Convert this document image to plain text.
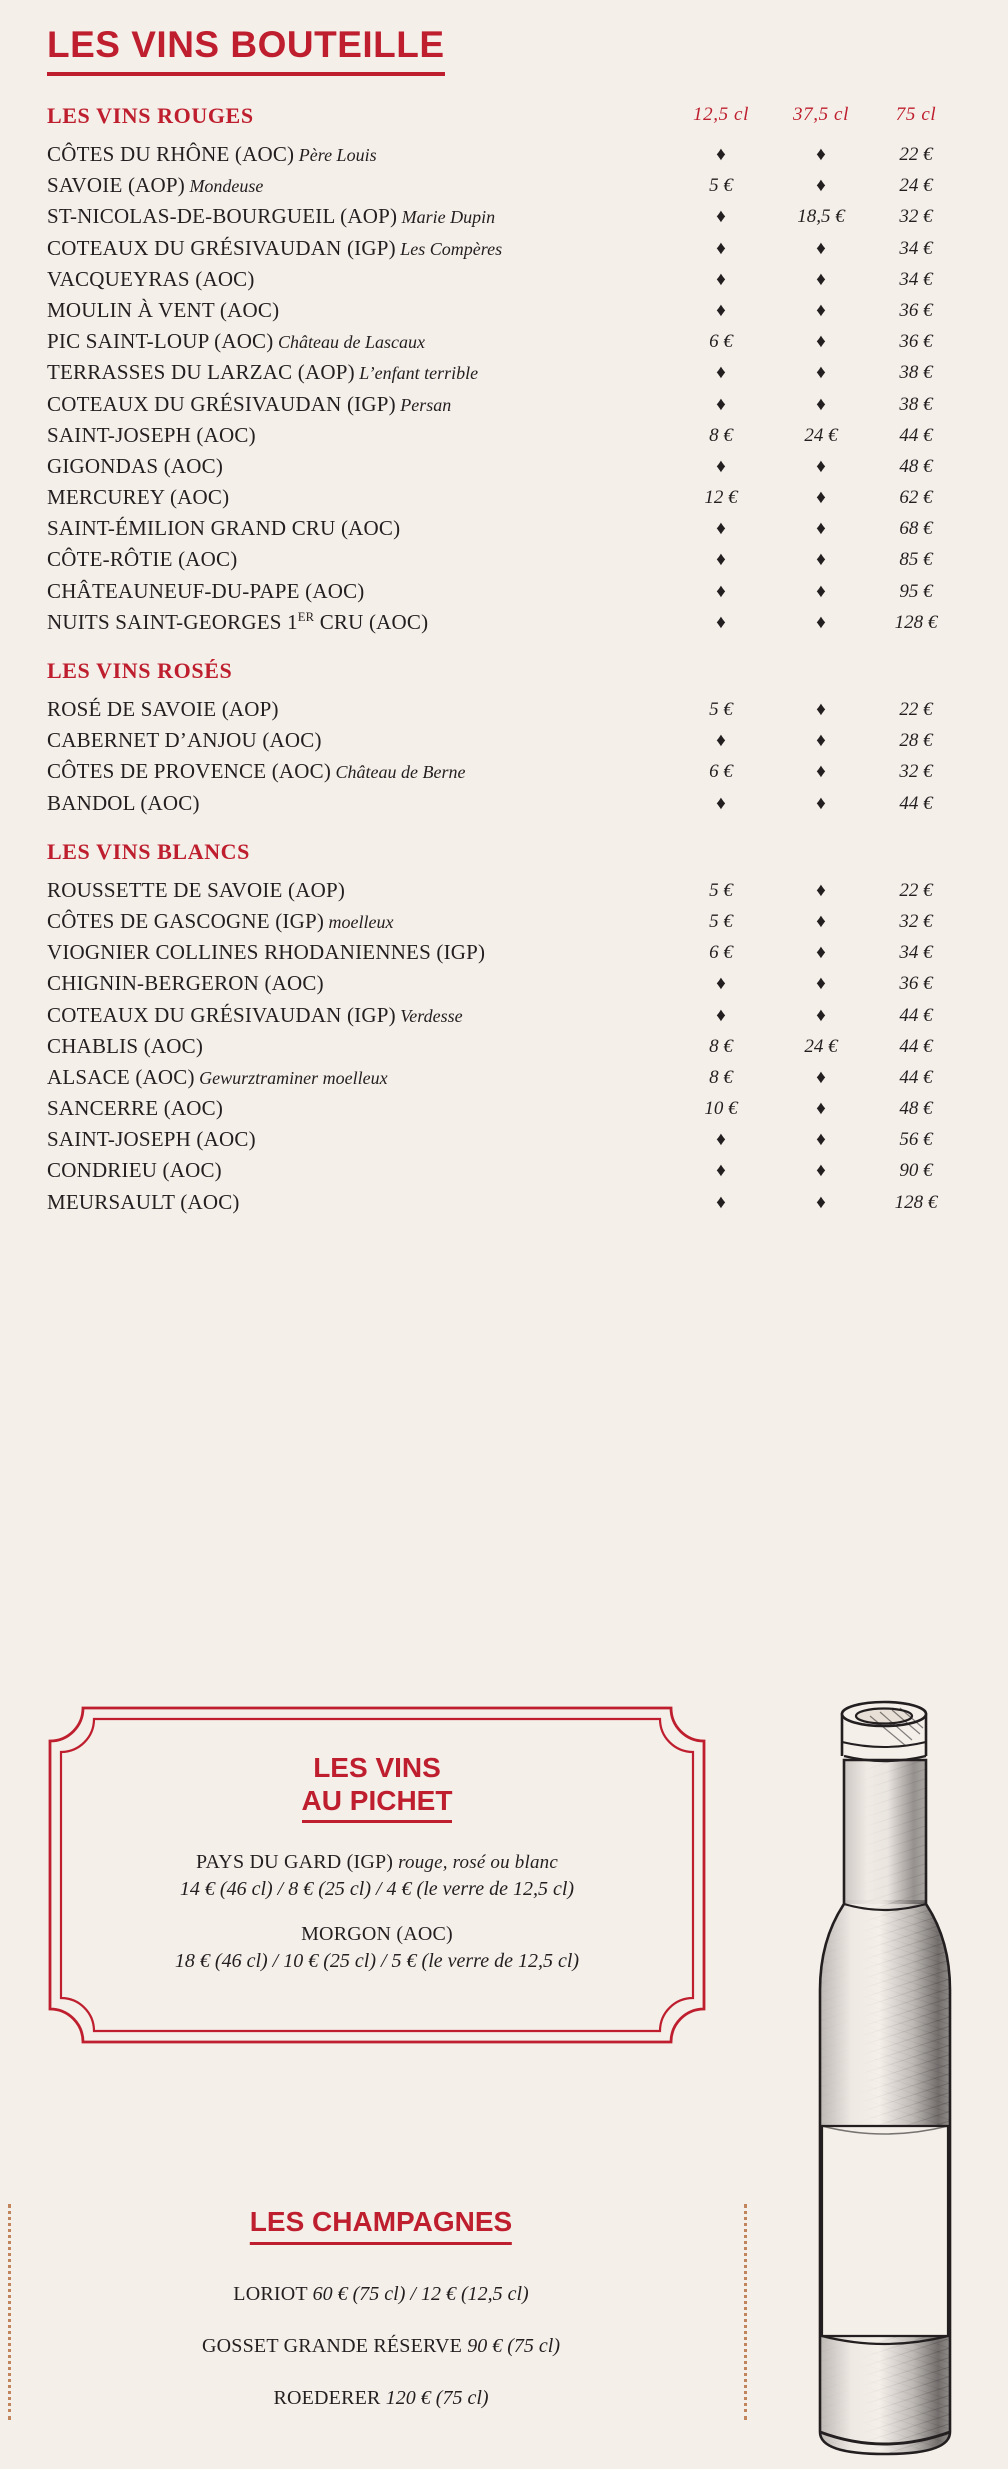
LES VINS BOUTEILLE
LES VINS ROUGES	12,5 cl	37,5 cl	75 cl
CÔTES DU RHÔNE (AOC) Père Louis	♦	♦	22 €
SAVOIE (AOP) Mondeuse	5 €	♦	24 €
ST-NICOLAS-DE-BOURGUEIL (AOP) Marie Dupin	♦	18,5 €	32 €
COTEAUX DU GRÉSIVAUDAN (IGP) Les Compères	♦	♦	34 €
VACQUEYRAS (AOC)	♦	♦	34 €
MOULIN À VENT (AOC)	♦	♦	36 €
PIC SAINT-LOUP (AOC) Château de Lascaux	6 €	♦	36 €
TERRASSES DU LARZAC (AOP) L’enfant terrible	♦	♦	38 €
COTEAUX DU GRÉSIVAUDAN (IGP) Persan	♦	♦	38 €
SAINT-JOSEPH (AOC)	8 €	24 €	44 €
GIGONDAS (AOC)	♦	♦	48 €
MERCUREY (AOC)	12 €	♦	62 €
SAINT-ÉMILION GRAND CRU (AOC)	♦	♦	68 €
CÔTE-RÔTIE (AOC)	♦	♦	85 €
CHÂTEAUNEUF-DU-PAPE (AOC)	♦	♦	95 €
NUITS SAINT-GEORGES 1ER CRU (AOC)	♦	♦	128 €
LES VINS ROSÉS
ROSÉ DE SAVOIE (AOP)	5 €	♦	22 €
CABERNET D’ANJOU (AOC)	♦	♦	28 €
CÔTES DE PROVENCE (AOC) Château de Berne	6 €	♦	32 €
BANDOL (AOC)	♦	♦	44 €
LES VINS BLANCS
ROUSSETTE DE SAVOIE (AOP)	5 €	♦	22 €
CÔTES DE GASCOGNE (IGP) moelleux	5 €	♦	32 €
VIOGNIER COLLINES RHODANIENNES (IGP)	6 €	♦	34 €
CHIGNIN-BERGERON (AOC)	♦	♦	36 €
COTEAUX DU GRÉSIVAUDAN (IGP) Verdesse	♦	♦	44 €
CHABLIS (AOC)	8 €	24 €	44 €
ALSACE (AOC) Gewurztraminer moelleux	8 €	♦	44 €
SANCERRE (AOC)	10 €	♦	48 €
SAINT-JOSEPH (AOC)	♦	♦	56 €
CONDRIEU (AOC)	♦	♦	90 €
MEURSAULT (AOC)	♦	♦	128 €
LES VINS
AU PICHET
PAYS DU GARD (IGP) rouge, rosé ou blanc
14 € (46 cl) / 8 € (25 cl) / 4 € (le verre de 12,5 cl)
MORGON (AOC)
18 € (46 cl) / 10 € (25 cl) / 5 € (le verre de 12,5 cl)
LES CHAMPAGNES
LORIOT 60 € (75 cl) / 12 € (12,5 cl)
GOSSET GRANDE RÉSERVE 90 € (75 cl)
ROEDERER 120 € (75 cl)
